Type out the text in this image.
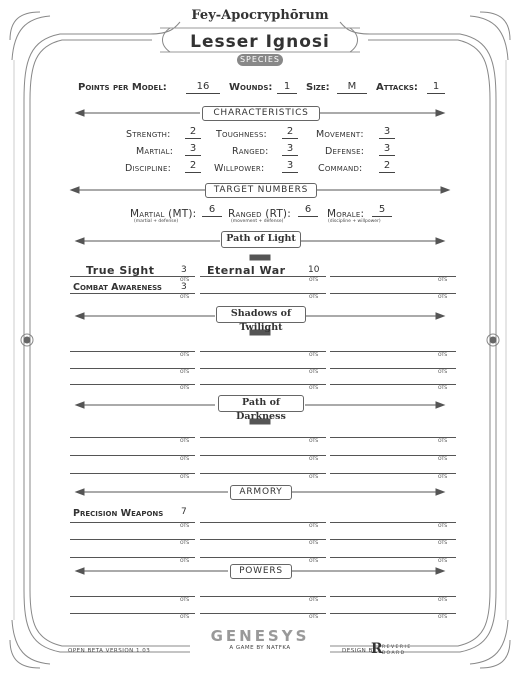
Fey-Apocryphōrum
Lesser Ignosi
SPECIES
Points per Model:	16	Wounds:	1	Size:	M	Attacks:	1
CHARACTERISTICS
Strength:	2	Toughness:	2	Movement:	3
Martial:	3	Ranged:	3	Defense:	3
Discipline:	2	Willpower:	3	Command:	2
TARGET NUMBERS
Martial (MT):	6
(martial + defense)
Ranged (RT):	6
(movement + defense)
Morale:	5
(discipline + willpower)
Path of Light
True Sight	3 Eternal War 10
Combat Awareness 3
OTS	OTS	OTS
OTS	OTS	OTS
OTS	OTS	OTS
OTS	OTS	OTS
OTS	OTS	OTS
OTS	OTS	OTS
OTS	OTS	OTS
OTS	OTS	OTS
OTS	OTS	OTS
OTS	OTS	OTS
OTS	OTS	OTS
OTS	OTS	OTS
OTS	OTS	OTS
Shadows of Twilight
Path of Darkness
ARMORY
Precision Weapons 7
POWERS
GENESYS
A GAME BY NATFKA
OPEN BETA VERSION 1.03	DESIGN BY
R REVERIE BOARD
